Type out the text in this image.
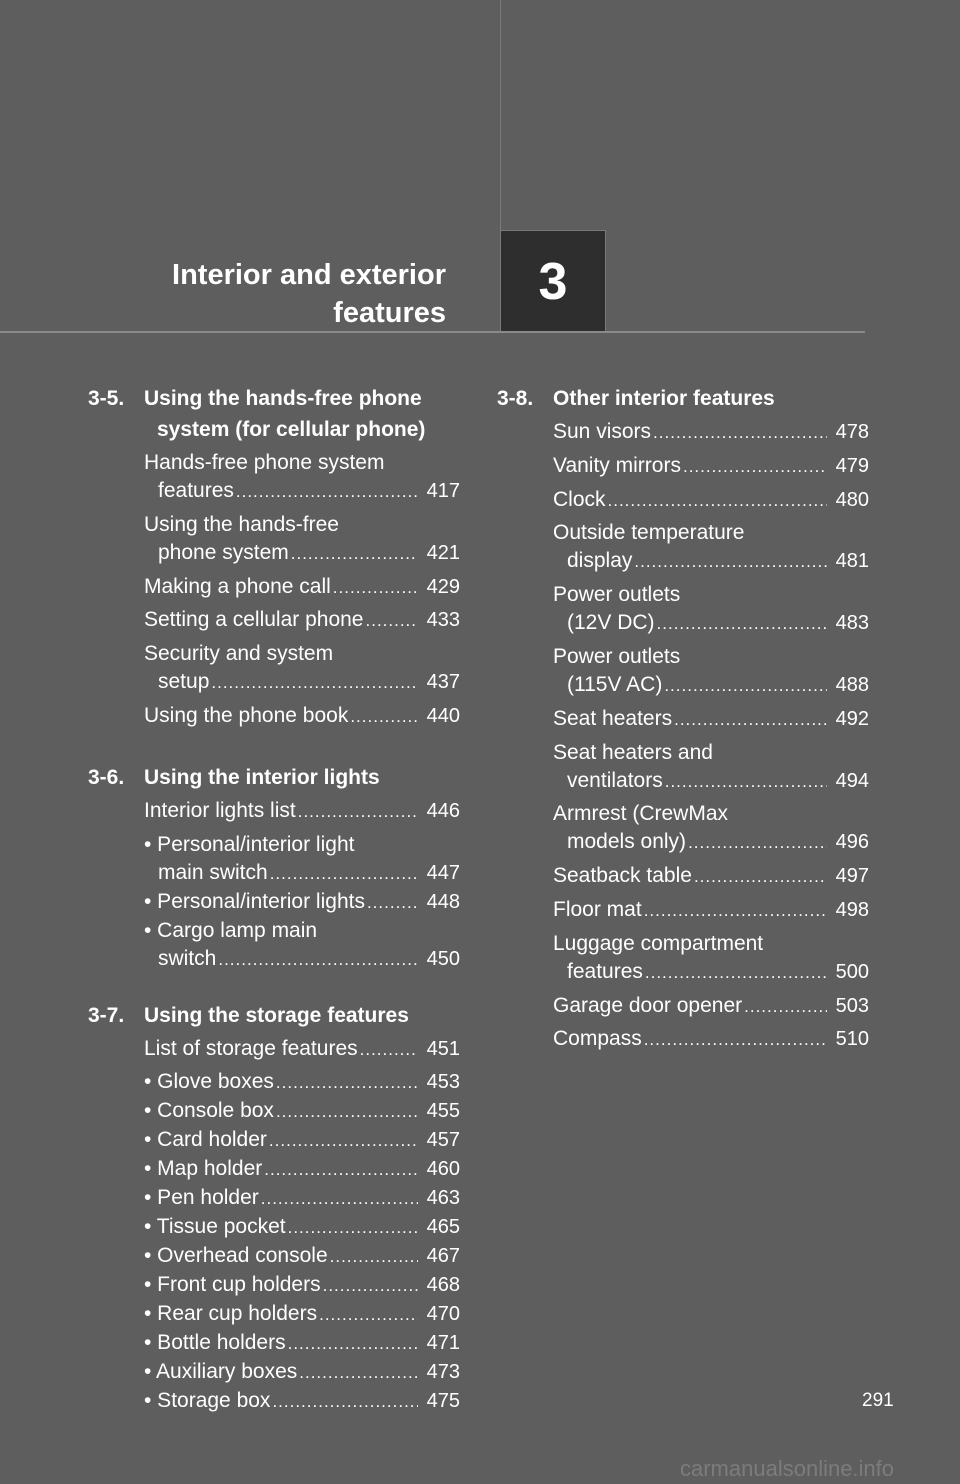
Interior and exterior
features
3
3-5. Using the hands-free phone
system (for cellular phone)
Hands-free phone system
features .....	417
Using the hands-free
phone system .....	421
Making a phone call .....	429
Setting a cellular phone .....	433
Security and system
setup .....	437
Using the phone book .....	440
3-6. Using the interior lights
Interior lights list .....	446
• Personal/interior light
main switch .....	447
• Personal/interior lights .....	448
• Cargo lamp main
switch .....	450
3-7. Using the storage features
List of storage features .....	451
• Glove boxes .....	453
• Console box .....	455
• Card holder .....	457
• Map holder .....	460
• Pen holder .....	463
• Tissue pocket .....	465
• Overhead console .....	467
• Front cup holders .....	468
• Rear cup holders .....	470
• Bottle holders .....	471
• Auxiliary boxes .....	473
• Storage box .....	475
3-8. Other interior features
Sun visors .....	478
Vanity mirrors .....	479
Clock .....	480
Outside temperature
display .....	481
Power outlets
(12V DC) .....	483
Power outlets
(115V AC) .....	488
Seat heaters .....	492
Seat heaters and
ventilators .....	494
Armrest (CrewMax
models only) .....	496
Seatback table .....	497
Floor mat .....	498
Luggage compartment
features .....	500
Garage door opener .....	503
Compass .....	510
291
carmanualsonline.info
